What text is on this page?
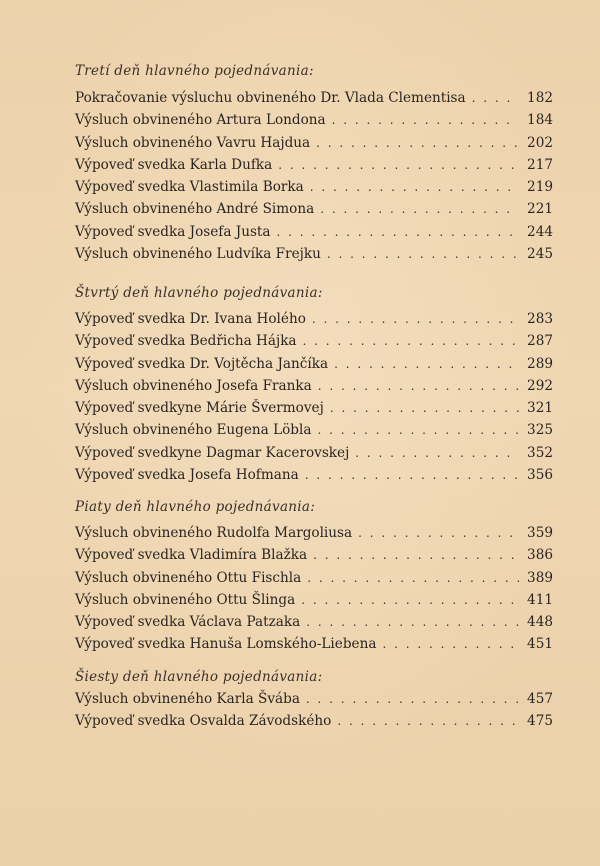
Tretí deň hlavného pojednávania:
Pokračovanie výsluchu obvineného Dr. Vlada Clementisa . . .	182
Výsluch obvineného Artura Londona . . .	184
Výsluch obvineného Vavru Hajdua . . .	202
Výpoveď svedka Karla Dufka . . .	217
Výpoveď svedka Vlastimila Borka . . .	219
Výsluch obvineného André Simona . . .	221
Výpoveď svedka Josefa Justa . . .	244
Výsluch obvineného Ludvíka Frejku . . .	245
Štvrtý deň hlavného pojednávania:
Výpoveď svedka Dr. Ivana Holého . . .	283
Výpoveď svedka Bedřicha Hájka . . .	287
Výpoveď svedka Dr. Vojtěcha Jančíka . . .	289
Výsluch obvineného Josefa Franka . . .	292
Výpoveď svedkyne Márie Švermovej . . .	321
Výsluch obvineného Eugena Löbla . . .	325
Výpoveď svedkyne Dagmar Kacerovskej . . .	352
Výpoveď svedka Josefa Hofmana . . .	356
Piaty deň hlavného pojednávania:
Výsluch obvineného Rudolfa Margoliusa . . .	359
Výpoveď svedka Vladimíra Blažka . . .	386
Výsluch obvineného Ottu Fischla . . .	389
Výsluch obvineného Ottu Šlinga . . .	411
Výpoveď svedka Václava Patzaka . . .	448
Výpoveď svedka Hanuša Lomského-Liebena . . .	451
Šiesty deň hlavného pojednávania:
Výsluch obvineného Karla Švába . . .	457
Výpoveď svedka Osvalda Závodského . . .	475
